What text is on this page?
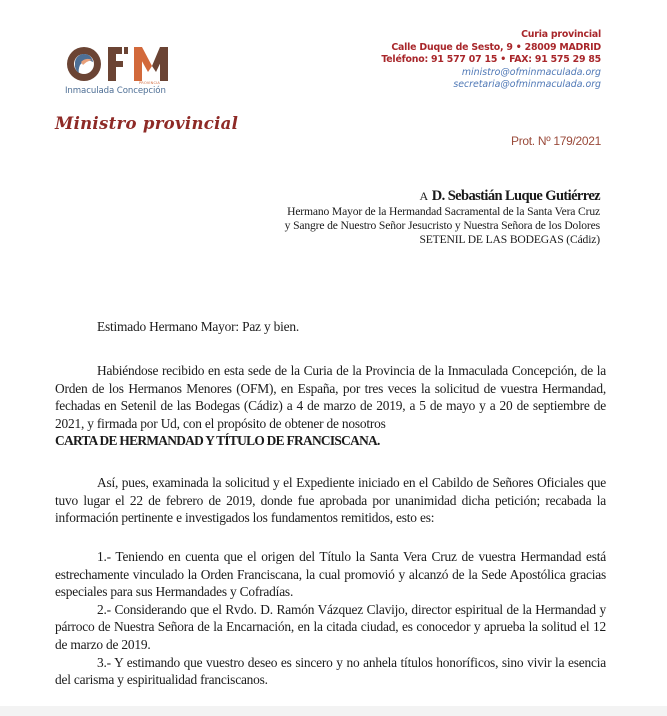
PROVINCIA
Inmaculada Concepción
Curia provincial
Calle Duque de Sesto, 9 • 28009 MADRID
Teléfono: 91 577 07 15 • FAX: 91 575 29 85
ministro@ofminmaculada.org
secretaria@ofminmaculada.org
Ministro provincial
Prot. Nº 179/2021
A D. Sebastián Luque Gutiérrez
Hermano Mayor de la Hermandad Sacramental de la Santa Vera Cruz
y Sangre de Nuestro Señor Jesucristo y Nuestra Señora de los Dolores
SETENIL DE LAS BODEGAS (Cádiz)

Estimado Hermano Mayor: Paz y bien.

Habiéndose recibido en esta sede de la Curia de la Provincia de la Inmaculada Concepción, de la Orden de los Hermanos Menores (OFM), en España, por tres veces la solicitud de vuestra Hermandad, fechadas en Setenil de las Bodegas (Cádiz) a 4 de marzo de 2019, a 5 de mayo y a 20 de septiembre de 2021, y firmada por Ud, con el propósito de obtener de nosotros

CARTA DE HERMANDAD Y TÍTULO DE FRANCISCANA.

Así, pues, examinada la solicitud y el Expediente iniciado en el Cabildo de Señores Oficiales que tuvo lugar el 22 de febrero de 2019, donde fue aprobada por unanimidad dicha petición; recabada la información pertinente e investigados los fundamentos remitidos, esto es:

1.- Teniendo en cuenta que el origen del Título la Santa Vera Cruz de vuestra Hermandad está estrechamente vinculado la Orden Franciscana, la cual promovió y alcanzó de la Sede Apostólica gracias especiales para sus Hermandades y Cofradías.

2.- Considerando que el Rvdo. D. Ramón Vázquez Clavijo, director espiritual de la Hermandad y párroco de Nuestra Señora de la Encarnación, en la citada ciudad, es conocedor y aprueba la solitud el 12 de marzo de 2019.

3.- Y estimando que vuestro deseo es sincero y no anhela títulos honoríficos, sino vivir la esencia del carisma y espiritualidad franciscanos.
